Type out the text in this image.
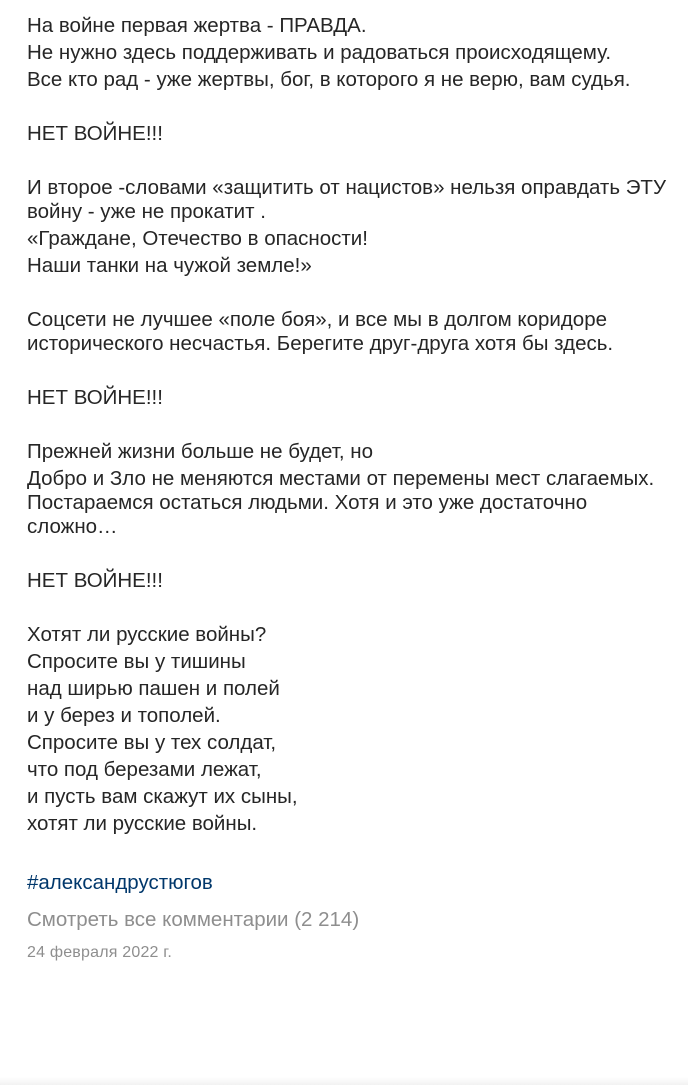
На войне первая жертва - ПРАВДА.
Не нужно здесь поддерживать и радоваться происходящему.
Все кто рад - уже жертвы, бог, в которого я не верю, вам судья.
НЕТ ВОЙНЕ!!!
И второе -словами «защитить от нацистов» нельзя оправдать ЭТУ войну - уже не прокатит .
«Граждане, Отечество в опасности!
Наши танки на чужой земле!»
Соцсети не лучшее «поле боя», и все мы в долгом коридоре исторического несчастья. Берегите друг-друга хотя бы здесь.
НЕТ ВОЙНЕ!!!
Прежней жизни больше не будет, но
Добро и Зло не меняются местами от перемены мест слагаемых. Постараемся остаться людьми. Хотя и это уже достаточно сложно…
НЕТ ВОЙНЕ!!!
Хотят ли русские войны?
Спросите вы у тишины
над ширью пашен и полей
и у берез и тополей.
Спросите вы у тех солдат,
что под березами лежат,
и пусть вам скажут их сыны,
хотят ли русские войны.
#александрустюгов
Смотреть все комментарии (2 214)
24 февраля 2022 г.
